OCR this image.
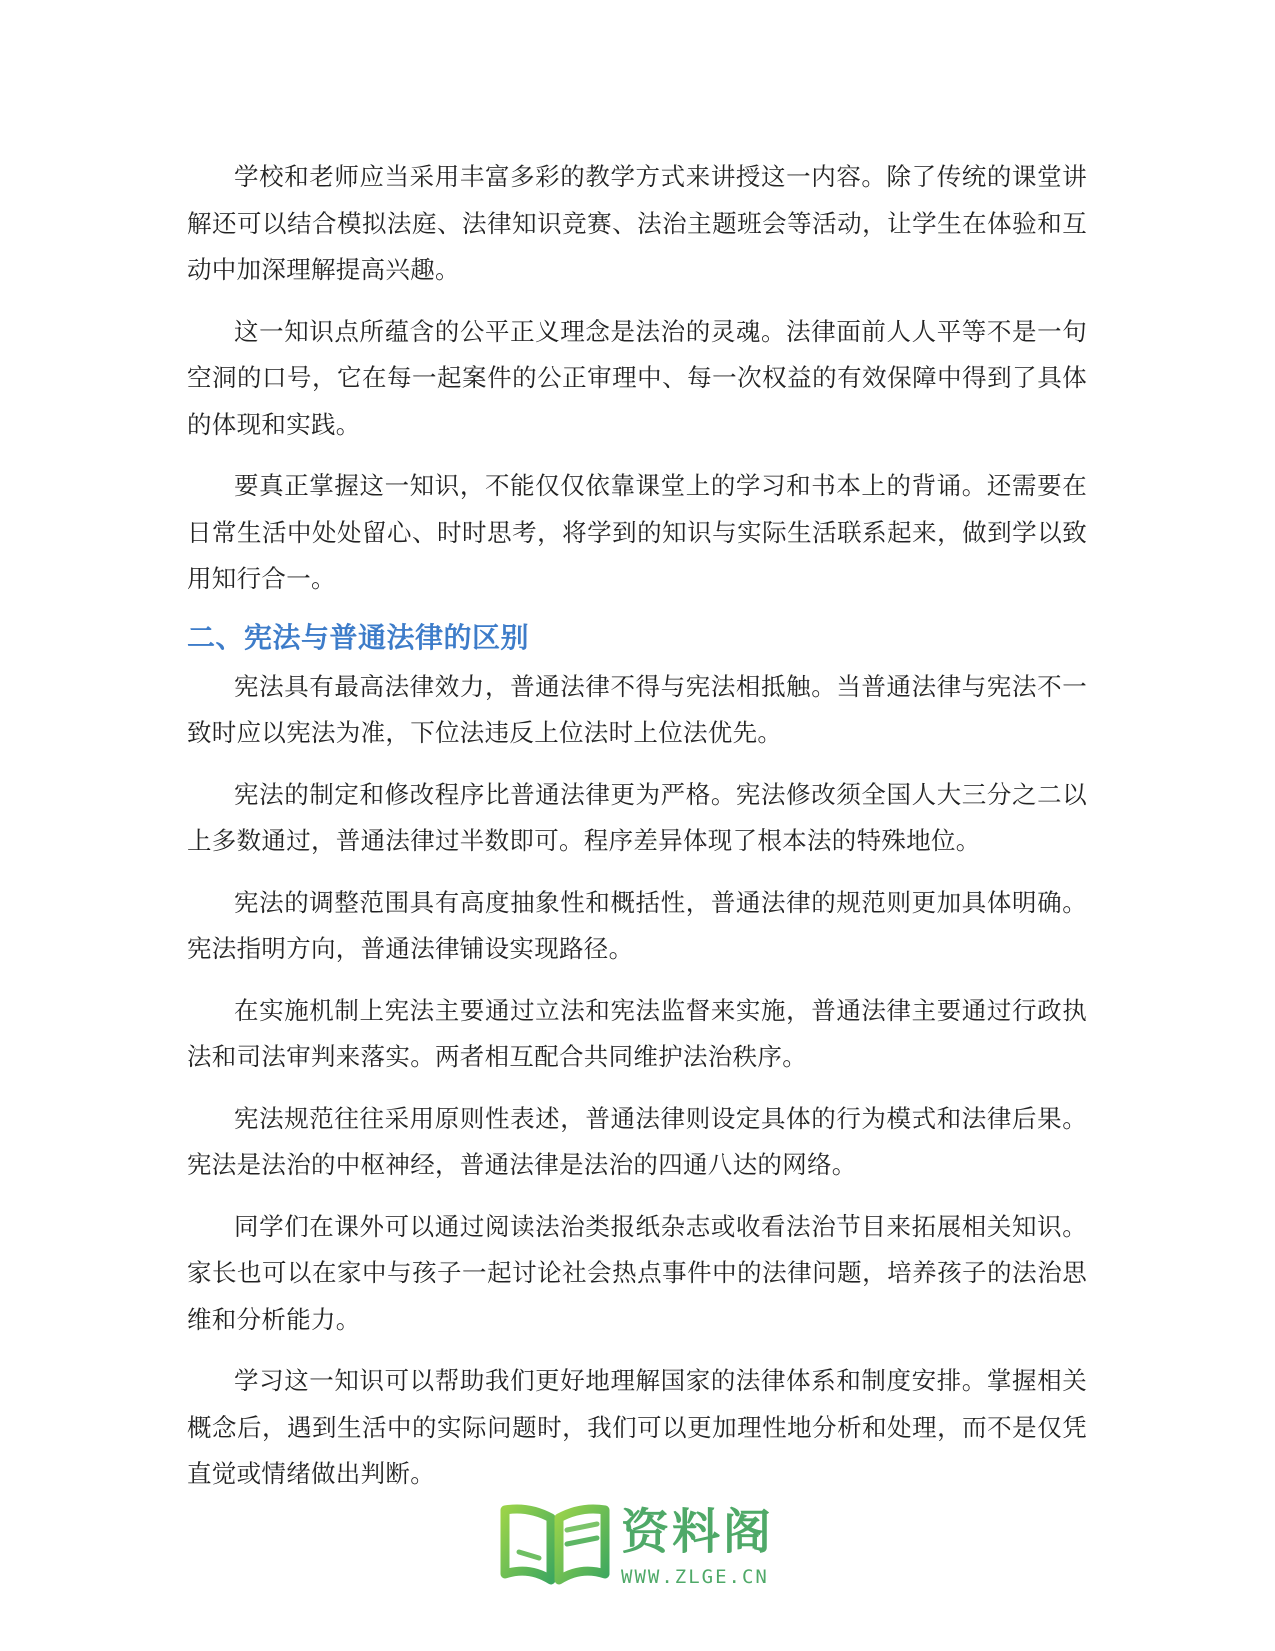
学校和老师应当采用丰富多彩的教学方式来讲授这一内容。除了传统的课堂讲解还可以结合模拟法庭、法律知识竞赛、法治主题班会等活动，让学生在体验和互动中加深理解提高兴趣。

这一知识点所蕴含的公平正义理念是法治的灵魂。法律面前人人平等不是一句空洞的口号，它在每一起案件的公正审理中、每一次权益的有效保障中得到了具体的体现和实践。

要真正掌握这一知识，不能仅仅依靠课堂上的学习和书本上的背诵。还需要在日常生活中处处留心、时时思考，将学到的知识与实际生活联系起来，做到学以致用知行合一。

二、宪法与普通法律的区别

宪法具有最高法律效力，普通法律不得与宪法相抵触。当普通法律与宪法不一致时应以宪法为准，下位法违反上位法时上位法优先。

宪法的制定和修改程序比普通法律更为严格。宪法修改须全国人大三分之二以上多数通过，普通法律过半数即可。程序差异体现了根本法的特殊地位。

宪法的调整范围具有高度抽象性和概括性，普通法律的规范则更加具体明确。宪法指明方向，普通法律铺设实现路径。

在实施机制上宪法主要通过立法和宪法监督来实施，普通法律主要通过行政执法和司法审判来落实。两者相互配合共同维护法治秩序。

宪法规范往往采用原则性表述，普通法律则设定具体的行为模式和法律后果。宪法是法治的中枢神经，普通法律是法治的四通八达的网络。

同学们在课外可以通过阅读法治类报纸杂志或收看法治节目来拓展相关知识。家长也可以在家中与孩子一起讨论社会热点事件中的法律问题，培养孩子的法治思维和分析能力。

学习这一知识可以帮助我们更好地理解国家的法律体系和制度安排。掌握相关概念后，遇到生活中的实际问题时，我们可以更加理性地分析和处理，而不是仅凭直觉或情绪做出判断。

资料阁
WWW.ZLGE.CN
